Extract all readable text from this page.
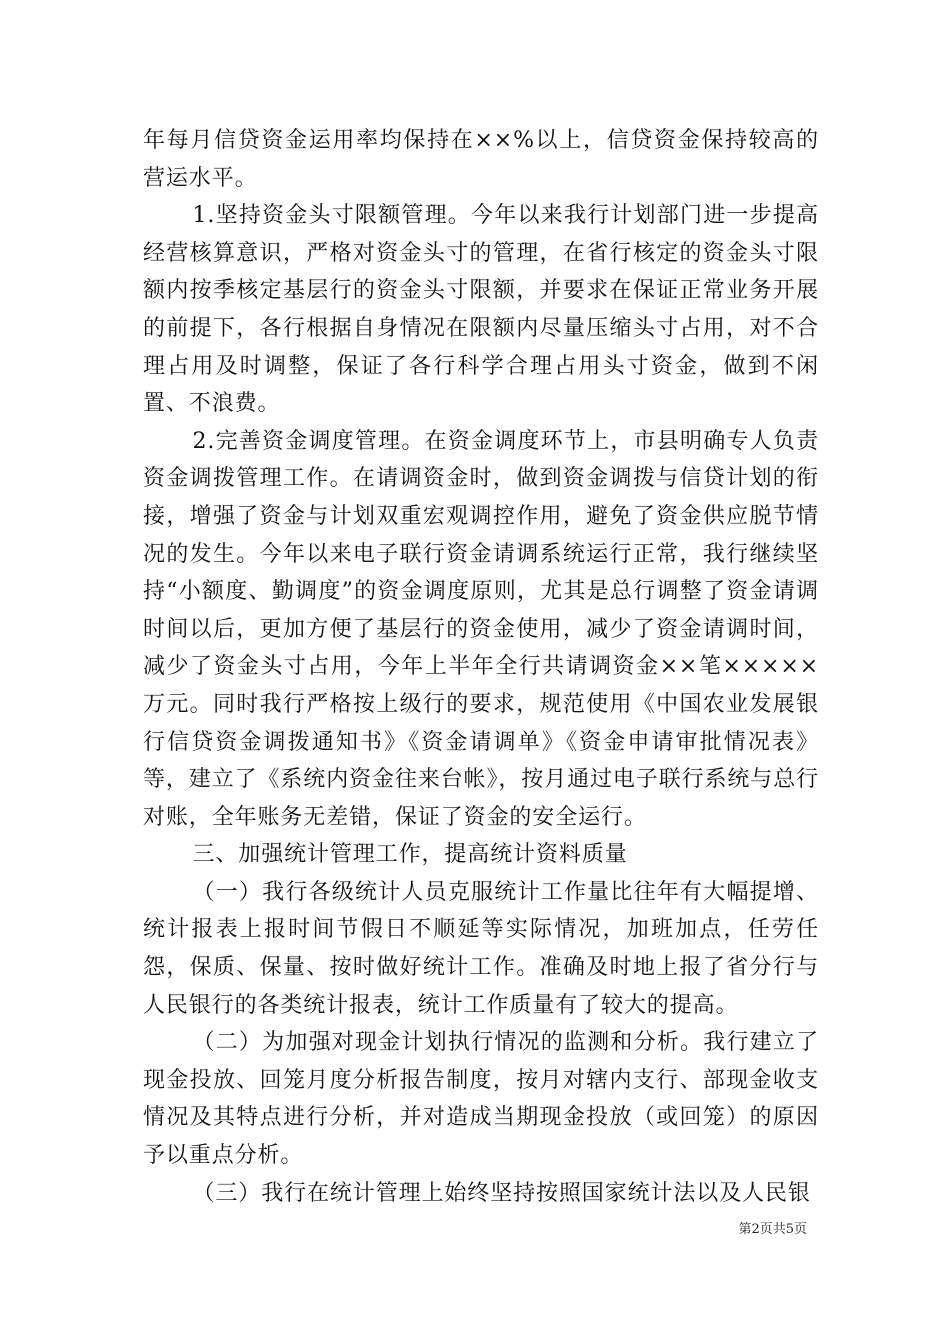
年每月信贷资金运用率均保持在××%以上，信贷资金保持较高的营运水平。

1.坚持资金头寸限额管理。今年以来我行计划部门进一步提高经营核算意识，严格对资金头寸的管理，在省行核定的资金头寸限额内按季核定基层行的资金头寸限额，并要求在保证正常业务开展的前提下，各行根据自身情况在限额内尽量压缩头寸占用，对不合理占用及时调整，保证了各行科学合理占用头寸资金，做到不闲置、不浪费。

2.完善资金调度管理。在资金调度环节上，市县明确专人负责资金调拨管理工作。在请调资金时，做到资金调拨与信贷计划的衔接，增强了资金与计划双重宏观调控作用，避免了资金供应脱节情况的发生。今年以来电子联行资金请调系统运行正常，我行继续坚持“小额度、勤调度”的资金调度原则，尤其是总行调整了资金请调时间以后，更加方便了基层行的资金使用，减少了资金请调时间，减少了资金头寸占用，今年上半年全行共请调资金××笔×××××万元。同时我行严格按上级行的要求，规范使用《中国农业发展银行信贷资金调拨通知书》《资金请调单》《资金申请审批情况表》等，建立了《系统内资金往来台帐》，按月通过电子联行系统与总行对账，全年账务无差错，保证了资金的安全运行。

三、加强统计管理工作，提高统计资料质量

（一）我行各级统计人员克服统计工作量比往年有大幅提增、统计报表上报时间节假日不顺延等实际情况，加班加点，任劳任怨，保质、保量、按时做好统计工作。准确及时地上报了省分行与人民银行的各类统计报表，统计工作质量有了较大的提高。

（二）为加强对现金计划执行情况的监测和分析。我行建立了现金投放、回笼月度分析报告制度，按月对辖内支行、部现金收支情况及其特点进行分析，并对造成当期现金投放（或回笼）的原因予以重点分析。

（三）我行在统计管理上始终坚持按照国家统计法以及人民银

第2页共5页
